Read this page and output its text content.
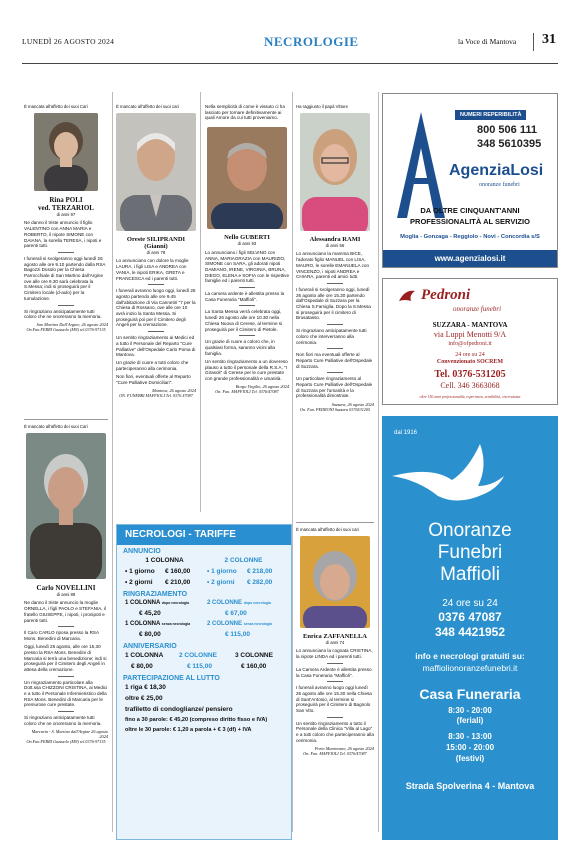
LUNEDÌ 26 AGOSTO 2024	NECROLOGIE	la Voce di Mantova 31
È mancata all'affetto dei suoi Cari
Rina POLI
ved. TERZARIOL
di anni 97

Ne danno il triste annuncio il figlio VALENTINO con ANNA MARIA e ROBERTO, il nipote SIMONE con DAIANA, la sorella TERESA, i nipoti e parenti tutti.

I funerali si svolgeranno oggi lunedì 26 agosto alle ore 9.10 partendo dalla RSA Bagozzi Dosolo per la Chiesa Parrocchiale di San Martino dall'Argine ove alle ore 9.30 sarà celebrata la S.Messa; indi si proseguirà per il Cimitero locale (d-aulo) per la tumulazione.

Si ringraziano anticipatamente tutti coloro che ne onoreranno la memoria.

San Martino Dall'Argine, 26 agosto 2024
On.Fun.FERRI Gazzuolo (MN) tel.0376-97135
È mancato all'affetto dei suoi Cari
Carlo NOVELLINI
di anni 89

Ne danno il triste annuncio la moglie ORNELLA, i figli PAOLO e STEFANIA, il fratello GIUSEPPE, i nipoti, i pronipoti e parenti tutti.

Il Caro CARLO riposa presso la RSA Mons. Benedini di Marcaria.

Oggi, lunedì 26 agosto, alle ore 15,30 presso la RSA Mons. Benedini di Marcaria si terrà una benedizione; indi si proseguirà per il Cimitero degli Angeli in attesa della cremazione.

Un ringraziamento particolare alla Dott.ssa CHIZZONI CRISTINA, ai Medici e a tutto il Personale Infermieristico della RSA Mons. Benedini di Marcaria per le premurose cure prestate.

Si ringraziano anticipatamente tutti coloro che ne onoreranno la memoria.

Marcaria - S. Martino dall'Argine 26 agosto 2024
On.Fun.FERRI Gazzuolo (MN) tel.0376-97135
È mancato all'affetto dei suoi cari
Oreste SILIPRANDI
(Gianni)
di anni 78

Lo annunciano con dolore la moglie LAURA, i figli LISA e ANDREA con VANIA, le nipoti ERIKA, GRETA e FRANCESCA ed i parenti tutti.

I funerali avranno luogo oggi, lunedì 26 agosto partendo alle ore 9.45 dall'abitazione di Via Cannetiri "7 per la Chiesa di Rossano, ove alle ore 10 avrà inizio la Santa Messa. Si proseguirà poi per il Cimitero degli Angeli per la cremazione.

Un sentito ringraziamento ai Medici ed a tutto il Personale del Reparto "Cure Palliative" dell'Ospedale Carlo Poma di Mantova.

Un grazie di cuore a tutti coloro che parteciperanno alla cerimonia.

Non fiori, eventuali offerte al Reparto "Cure Palliative Domiciliari".

Mantova, 26 agosto 2024
ON. FUNEBRI MAFFIOLI Tel. 0376 47087

Nella semplicità di come è vissuto ci ha lasciato per tornare definitivamente ai quali Amore da cui tutti proveniamo.

Nello GUBERTI
di anni 93

Lo annunciano i figli SELVINO con ANNA, MARIAGRAZIA con MAURIZIO, SIMONE con SARA, gli adorati nipoti DAMIANO, IRENE, VIRGINIA, BRUNA, DIEGO, ELENA e SOFIA con le rispettive famiglie ed i parenti tutti.

La camera ardente è allestita presso la Casa Funeraria "Maffioli".

La Santa Messa verrà celebrata oggi, lunedì 26 agosto alle ore 10.30 nella Chiesa Nuova di Cerese, al termine si proseguirà per il Cimitero di Pietole.

Un grazie di cuore a coloro che, in qualsiasi forma, saranno vicini alla famiglia.

Un sentito ringraziamento a un dovereso plauso a tutto il personale della R.S.A. "I Girasoli" di Cerese per le cure prestate con grande professionalità e umanità.

Borgo Virgilio, 26 agosto 2024
On. Fun. MAFFIOLI Tel. 0376/47087
Ha raggiunto il papà Vittore
Alessandra RAMI
di anni 56

Lo annunciano la mamma BICE, l'adorato figlio MANUEL con LISA, MAURO, le sorelle EMANUELA con VINCENZO, i nipoti ANDREA e CHIARA, parenti ed amici tutti.

I funerali si svolgeranno oggi, lunedì 26 agosto alle ore 15.30 partendo dall'Ospedale di Suzzara per la Chiesa S.Famiglia. Dopo la S.Messa si proseguirà per il cimitero di Brusatasso.

Si ringraziano anticipatamente tutti coloro che interverranno alla cerimonia.

Non fiori ma eventuali offerte al Reparto Cure Palliative dell'Ospedale di Suzzara.

Un particolare ringraziamento al Reparto Cure Palliative dell'Ospedale di Suzzara per l'umanità e la professionalità dimostrate.

Suzzara, 26 agosto 2024
On. Fun. PEDRONI Suzzara 0376531205
È mancata all'affetto dei suoi cari
Enrica ZAFFANELLA
di anni 74

Lo annunciano la cognata CRISTINA, la nipote LINDA ed i parenti tutti.

La Camera Ardente è allestita presso la Casa Funeraria "Maffioli".

I funerali avranno luogo oggi lunedì 26 agosto alle ore 15.30 nella Chiesa di Sant'Antonio, al termine si proseguirà per il Cimitero di Bagnolo San Vito.

Un sentito ringraziamento a tutto il Personale della Clinica "Villa al Lago" e a tutti coloro che parteciperanno alla cerimonia.

Porto Mantovano, 26 agosto 2024
On. Fun. MAFFIOLI Tel. 0376/47087
NECROLOGI - TARIFFE
ANNUNCIO
1 COLONNA	2 COLONNE
• 1 giorno	€ 160,00	• 1 giorno	€ 218,00
• 2 giorni	€ 210,00	• 2 giorni	€ 282,00
RINGRAZIAMENTO
1 COLONNA dopo necrologia	2 COLONNE dopo necrologia
€ 45,20	€ 67,00
1 COLONNA senza necrologia	2 COLONNE senza necrologia
€ 80,00	€ 115,00
ANNIVERSARIO
1 COLONNA	2 COLONNE	3 COLONNE
€ 80,00	€ 115,00	€ 160,00
PARTECIPAZIONE AL LUTTO
1 riga € 18,30
oltre € 25,00
trafiletto di condoglianze/ pensiero
fino a 30 parole: € 45,20 (compreso diritto fisso e IVA)
oltre le 30 parole: € 1,20 a parola + € 3 (df) + IVA
NUMERI REPERIBILITÀ
800 506 111
348 5610395
AgenziaLosi
onoranze funebri
DA OLTRE CINQUANT'ANNI
PROFESSIONALITÀ AL SERVIZIO
Moglia - Gonzaga - Reggiolo - Novi - Concordia s/S
www.agenzialosi.it
Pedroni
onoranze funebri
SUZZARA - MANTOVA
via Luppi Menotti 9/A
info@ofpedroni.it
24 ore su 24
Convenzionato SOCREM
Tel. 0376-531205
Cell. 346 3663068
oltre 150 anni professionalità, esperienza, sensibilità, riservatezza
dal 1916
Onoranze
Funebri
Maffioli
24 ore su 24
0376 47087
348 4421952
info e necrologi gratuiti su:
maffiolionoranzefunebri.it
Casa Funeraria
8:30 - 20:00
(feriali)
8:30 - 13:00
15:00 - 20:00
(festivi)
Strada Spolverina 4 - Mantova
